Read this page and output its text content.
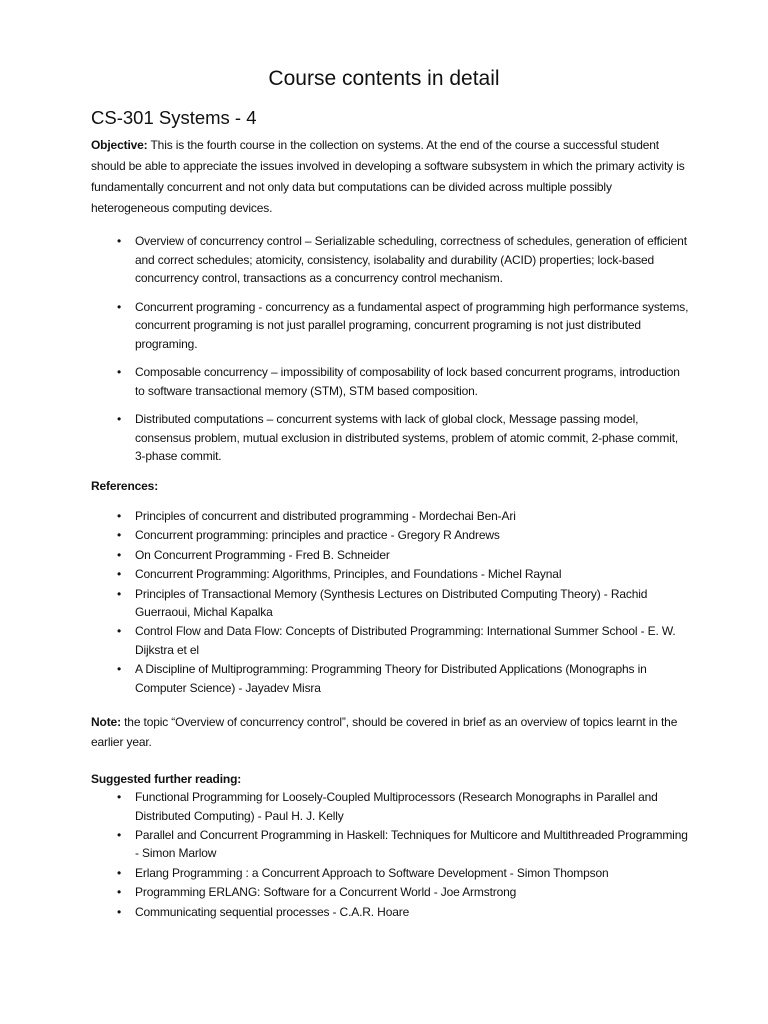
Course contents in detail
CS-301 Systems - 4

Objective: This is the fourth course in the collection on systems. At the end of the course a successful student should be able to appreciate the issues involved in developing a software subsystem in which the primary activity is fundamentally concurrent and not only data but computations can be divided across multiple possibly heterogeneous computing devices.

• Overview of concurrency control – Serializable scheduling, correctness of schedules, generation of efficient and correct schedules; atomicity, consistency, isolabality and durability (ACID) properties; lock-based concurrency control, transactions as a concurrency control mechanism.
• Concurrent programing - concurrency as a fundamental aspect of programming high performance systems, concurrent programing is not just parallel programing, concurrent programing is not just distributed programing.
• Composable concurrency – impossibility of composability of lock based concurrent programs, introduction to software transactional memory (STM), STM based composition.
• Distributed computations – concurrent systems with lack of global clock, Message passing model, consensus problem, mutual exclusion in distributed systems, problem of atomic commit, 2-phase commit, 3-phase commit.

References:

• Principles of concurrent and distributed programming - Mordechai Ben-Ari
• Concurrent programming: principles and practice - Gregory R Andrews
• On Concurrent Programming - Fred B. Schneider
• Concurrent Programming: Algorithms, Principles, and Foundations - Michel Raynal
• Principles of Transactional Memory (Synthesis Lectures on Distributed Computing Theory) - Rachid Guerraoui, Michal Kapalka
• Control Flow and Data Flow: Concepts of Distributed Programming: International Summer School - E. W. Dijkstra et el
• A Discipline of Multiprogramming: Programming Theory for Distributed Applications (Monographs in Computer Science) - Jayadev Misra

Note: the topic “Overview of concurrency control”, should be covered in brief as an overview of topics learnt in the earlier year.

Suggested further reading:

• Functional Programming for Loosely-Coupled Multiprocessors (Research Monographs in Parallel and Distributed Computing) - Paul H. J. Kelly
• Parallel and Concurrent Programming in Haskell: Techniques for Multicore and Multithreaded Programming - Simon Marlow
• Erlang Programming : a Concurrent Approach to Software Development - Simon Thompson
• Programming ERLANG: Software for a Concurrent World - Joe Armstrong
• Communicating sequential processes - C.A.R. Hoare
